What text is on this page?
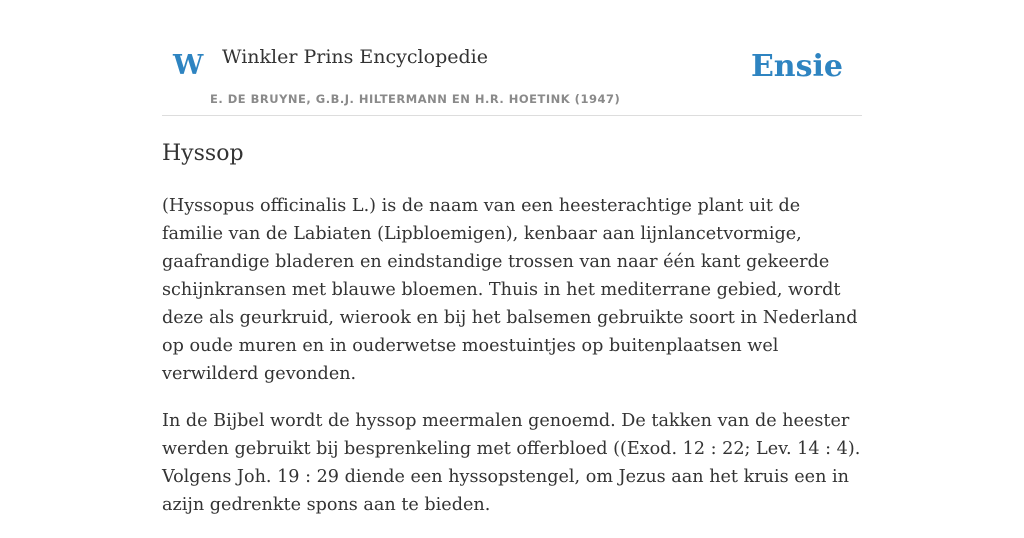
W Winkler Prins Encyclopedie
E. DE BRUYNE, G.B.J. HILTERMANN EN H.R. HOETINK (1947)
Ensie
Hyssop

(Hyssopus officinalis L.) is de naam van een heesterachtige plant uit de familie van de Labiaten (Lipbloemigen), kenbaar aan lijnlancetvormige, gaafrandige bladeren en eindstandige trossen van naar één kant gekeerde schijnkransen met blauwe bloemen. Thuis in het mediterrane gebied, wordt deze als geurkruid, wierook en bij het balsemen gebruikte soort in Nederland op oude muren en in ouderwetse moestuintjes op buitenplaatsen wel verwilderd gevonden.

In de Bijbel wordt de hyssop meermalen genoemd. De takken van de heester werden gebruikt bij besprenkeling met offerbloed ((Exod. 12 : 22; Lev. 14 : 4). Volgens Joh. 19 : 29 diende een hyssopstengel, om Jezus aan het kruis een in azijn gedrenkte spons aan te bieden.
